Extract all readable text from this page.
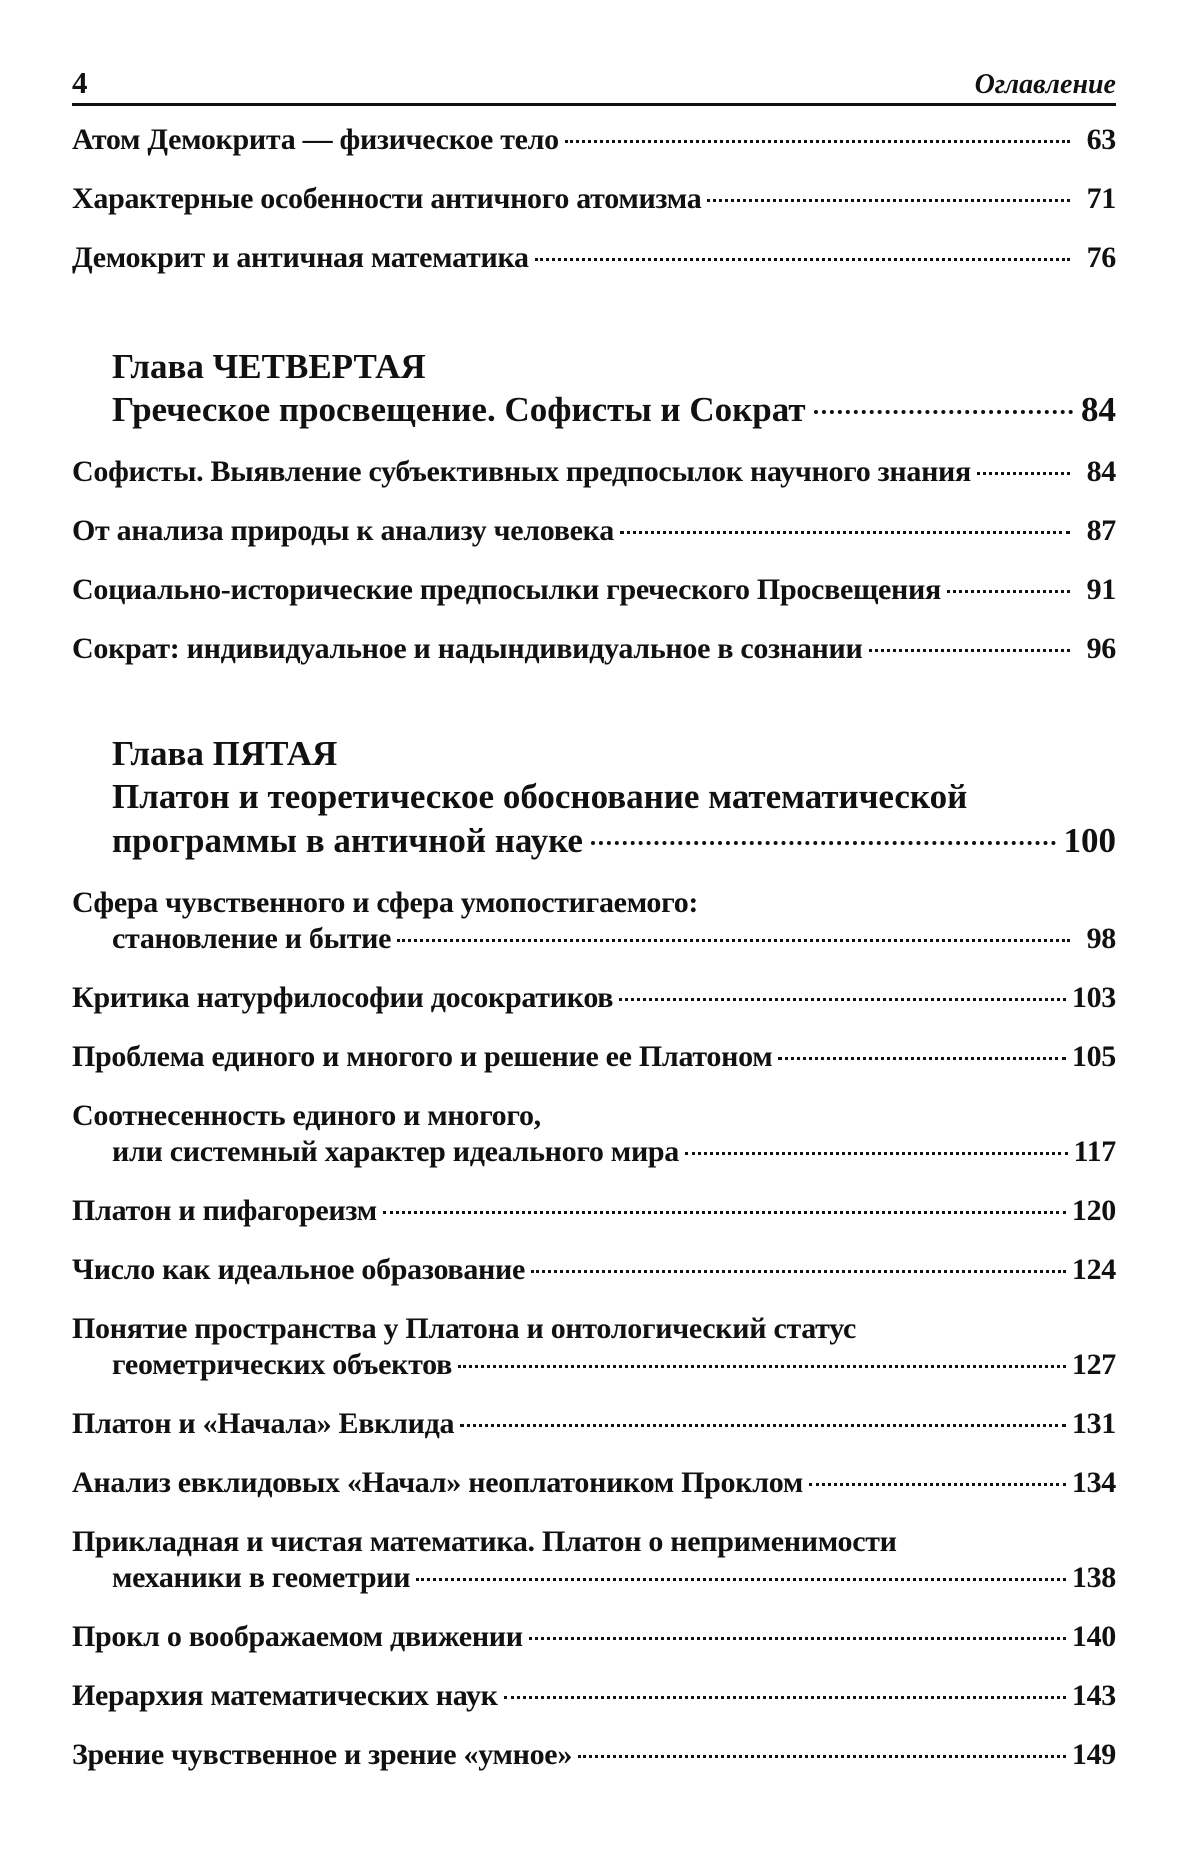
4	Оглавление
Атом Демокрита — физическое тело	63
Характерные особенности античного атомизма	71
Демокрит и античная математика	76
Глава ЧЕТВЕРТАЯ
Греческое просвещение. Софисты и Сократ	84
Софисты. Выявление субъективных предпосылок научного знания	84
От анализа природы к анализу человека	87
Социально-исторические предпосылки греческого Просвещения	91
Сократ: индивидуальное и надындивидуальное в сознании	96
Глава ПЯТАЯ
Платон и теоретическое обоснование математической
программы в античной науке	100
Сфера чувственного и сфера умопостигаемого:
становление и бытие	98
Критика натурфилософии досократиков	103
Проблема единого и многого и решение ее Платоном	105
Соотнесенность единого и многого,
или системный характер идеального мира	117
Платон и пифагореизм	120
Число как идеальное образование	124
Понятие пространства у Платона и онтологический статус
геометрических объектов	127
Платон и «Начала» Евклида	131
Анализ евклидовых «Начал» неоплатоником Проклом	134
Прикладная и чистая математика. Платон о неприменимости
механики в геометрии	138
Прокл о воображаемом движении	140
Иерархия математических наук	143
Зрение чувственное и зрение «умное»	149
